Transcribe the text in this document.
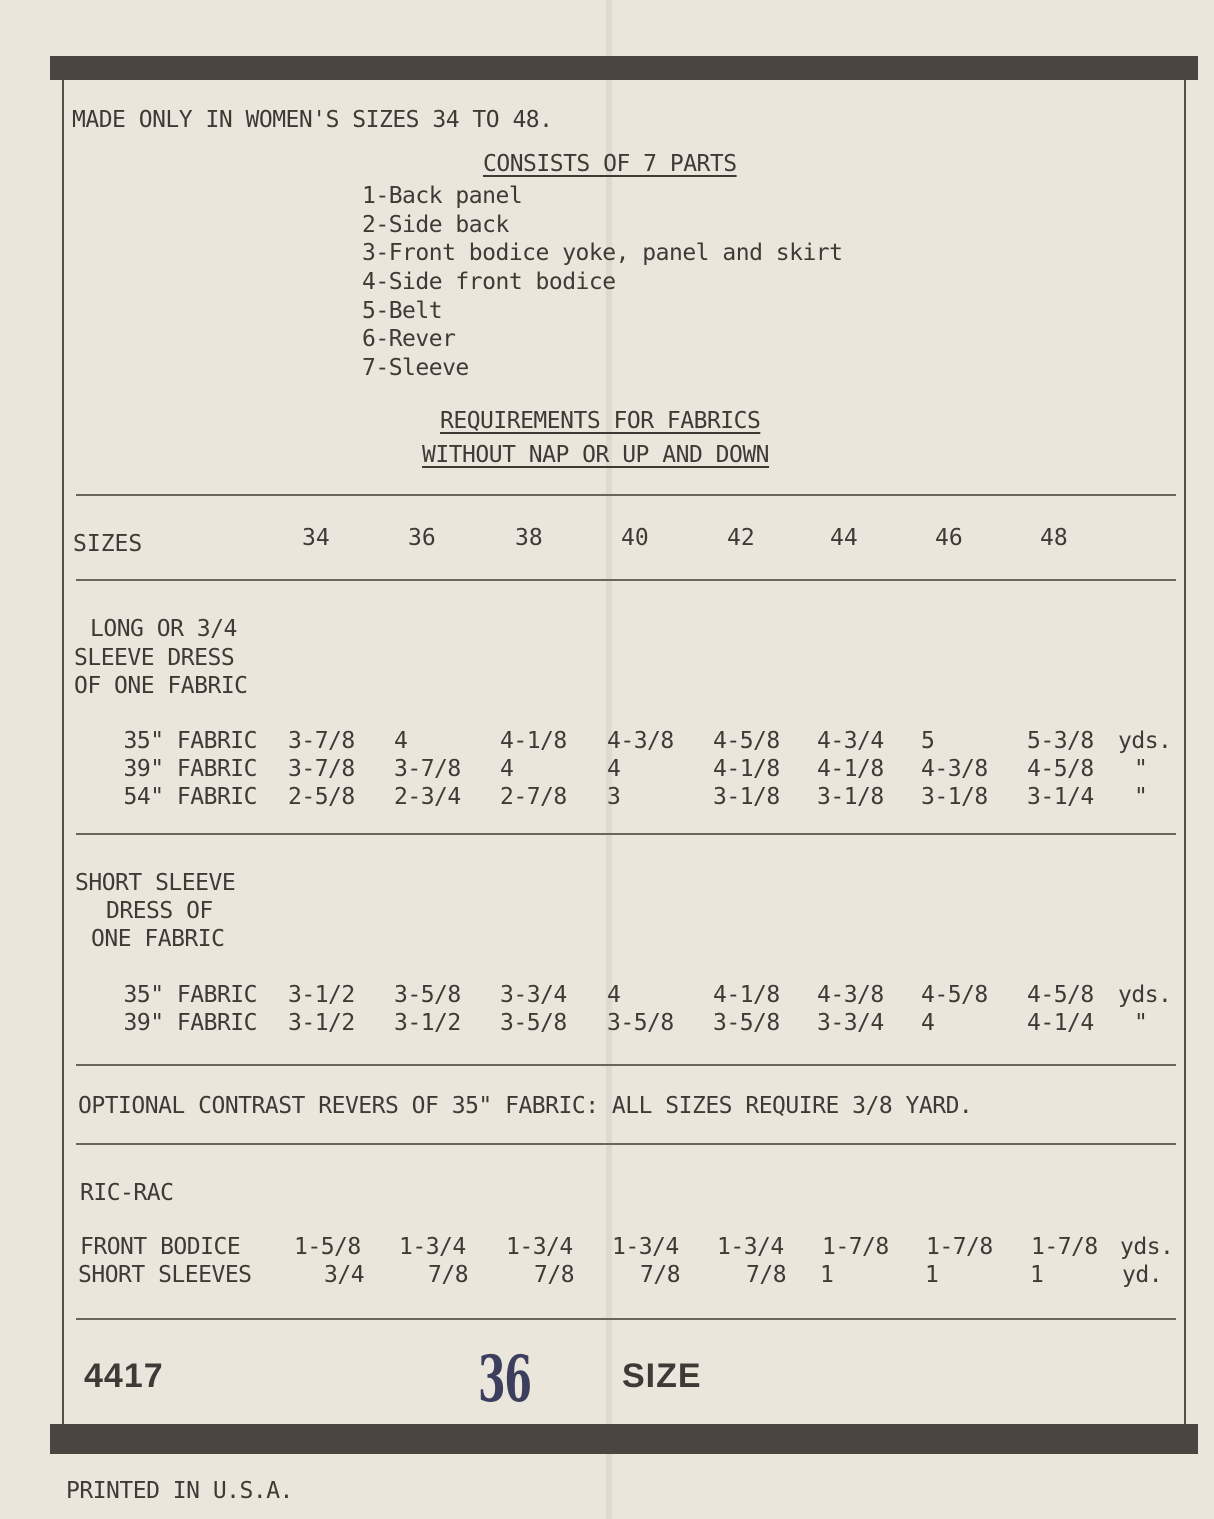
MADE ONLY IN WOMEN'S SIZES 34 TO 48.
CONSISTS OF 7 PARTS
1-Back panel
2-Side back
3-Front bodice yoke, panel and skirt
4-Side front bodice
5-Belt
6-Rever
7-Sleeve
REQUIREMENTS FOR FABRICS
WITHOUT NAP OR UP AND DOWN
SIZES	34	36	38	40	42	44	46	48
LONG OR 3/4
SLEEVE DRESS
OF ONE FABRIC
35" FABRIC 3-7/8 4	4-1/8 4-3/8 4-5/8 4-3/4 5	5-3/8 yds.
39" FABRIC 3-7/8 3-7/8 4	4	4-1/8 4-1/8 4-3/8 4-5/8 "
54" FABRIC 2-5/8 2-3/4 2-7/8 3	3-1/8 3-1/8 3-1/8 3-1/4 "
SHORT SLEEVE
DRESS OF
ONE FABRIC
35" FABRIC 3-1/2 3-5/8 3-3/4 4	4-1/8 4-3/8 4-5/8 4-5/8 yds.
39" FABRIC 3-1/2 3-1/2 3-5/8 3-5/8 3-5/8 3-3/4 4	4-1/4 "
OPTIONAL CONTRAST REVERS OF 35" FABRIC: ALL SIZES REQUIRE 3/8 YARD.
RIC-RAC
FRONT BODICE 1-5/8 1-3/4 1-3/4 1-3/4 1-3/4 1-7/8 1-7/8 1-7/8 yds.
SHORT SLEEVES	3/4	7/8	7/8	7/8	7/8 1	1	1	yd.
4417	36	SIZE
PRINTED IN U.S.A.
